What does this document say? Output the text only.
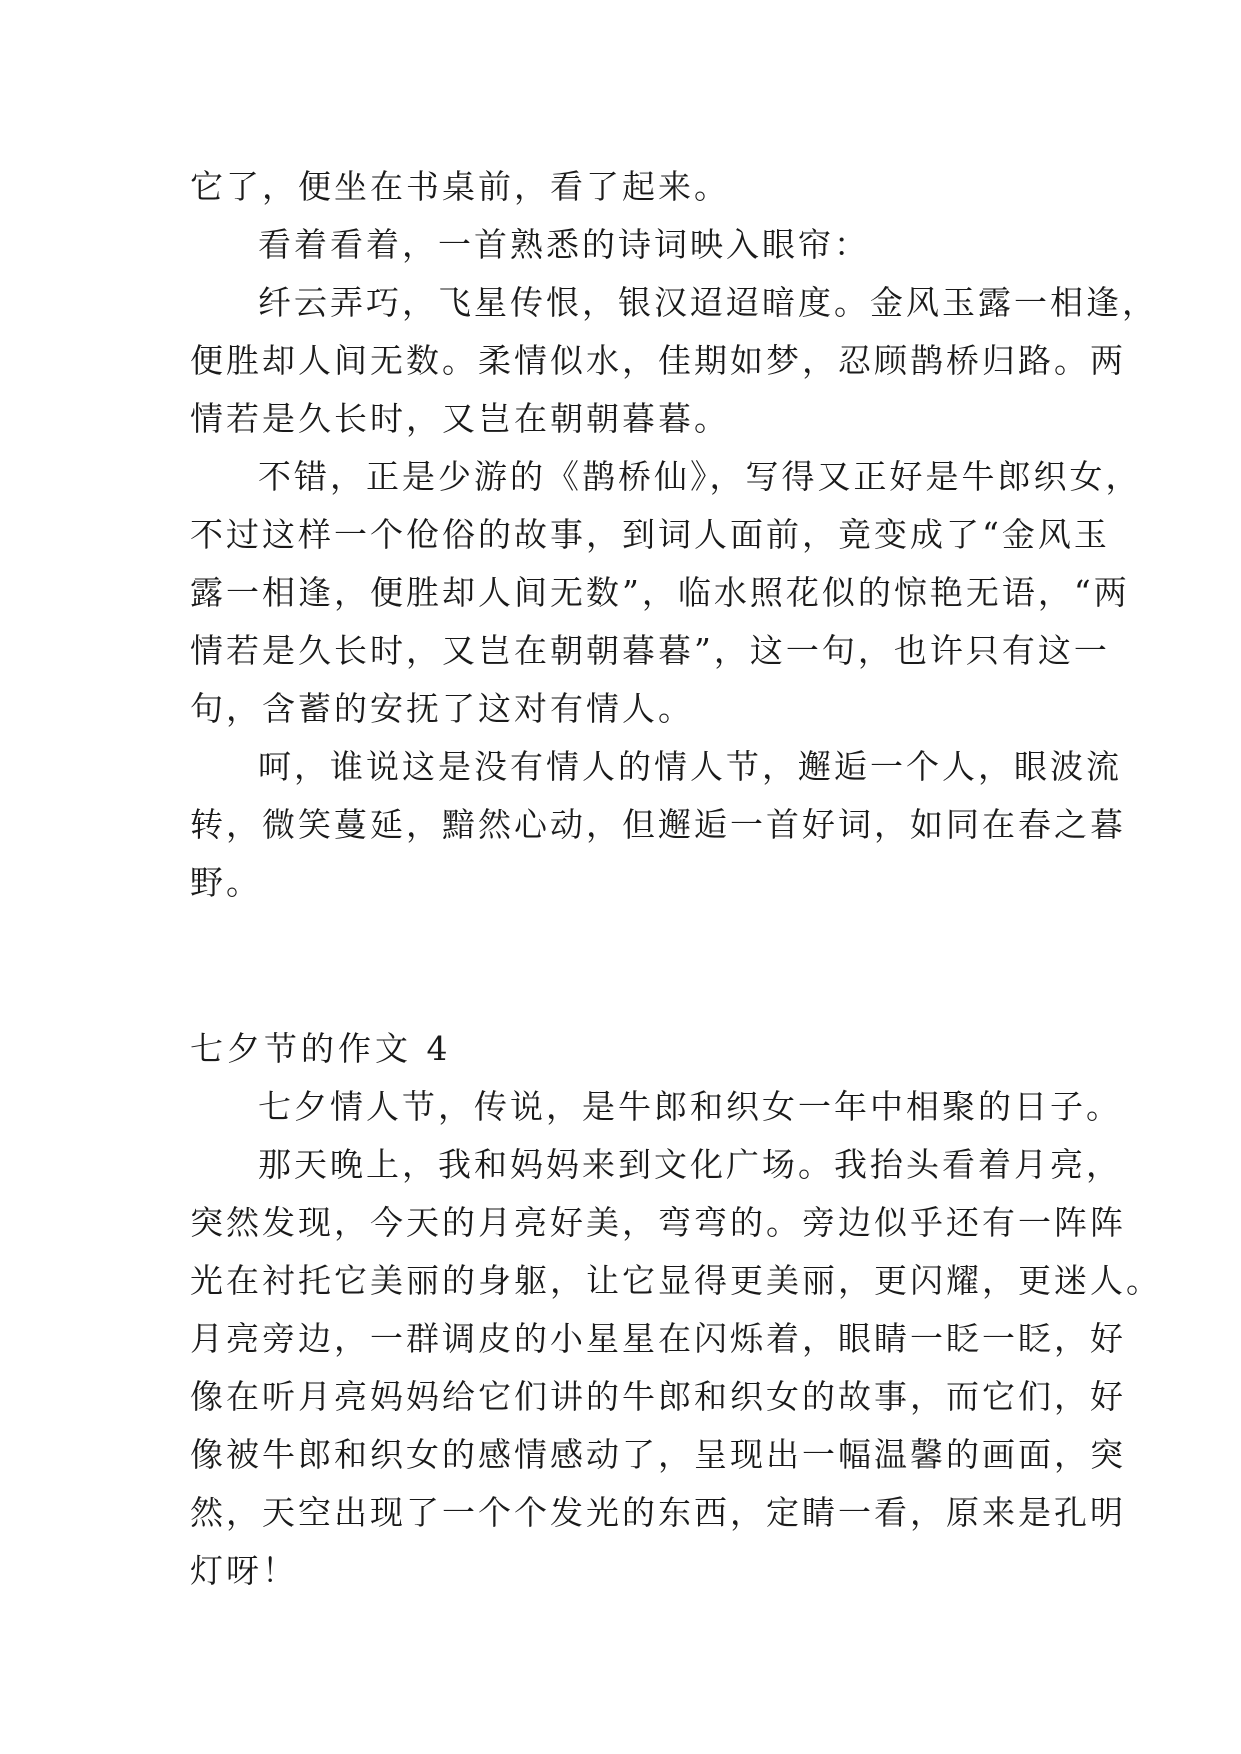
它了，便坐在书桌前，看了起来。
看着看着，一首熟悉的诗词映入眼帘：
纤云弄巧，飞星传恨，银汉迢迢暗度。金风玉露一相逢，
便胜却人间无数。柔情似水，佳期如梦，忍顾鹊桥归路。两
情若是久长时，又岂在朝朝暮暮。
不错，正是少游的《鹊桥仙》，写得又正好是牛郎织女，
不过这样一个伧俗的故事，到词人面前，竟变成了“金风玉
露一相逢，便胜却人间无数”，临水照花似的惊艳无语，“两
情若是久长时，又岂在朝朝暮暮”，这一句，也许只有这一
句，含蓄的安抚了这对有情人。
呵，谁说这是没有情人的情人节，邂逅一个人，眼波流
转，微笑蔓延，黯然心动，但邂逅一首好词，如同在春之暮
野。
七夕节的作文 4
七夕情人节，传说，是牛郎和织女一年中相聚的日子。
那天晚上，我和妈妈来到文化广场。我抬头看着月亮，
突然发现，今天的月亮好美，弯弯的。旁边似乎还有一阵阵
光在衬托它美丽的身躯，让它显得更美丽，更闪耀，更迷人。
月亮旁边，一群调皮的小星星在闪烁着，眼睛一眨一眨，好
像在听月亮妈妈给它们讲的牛郎和织女的故事，而它们，好
像被牛郎和织女的感情感动了，呈现出一幅温馨的画面，突
然，天空出现了一个个发光的东西，定睛一看，原来是孔明
灯呀！
